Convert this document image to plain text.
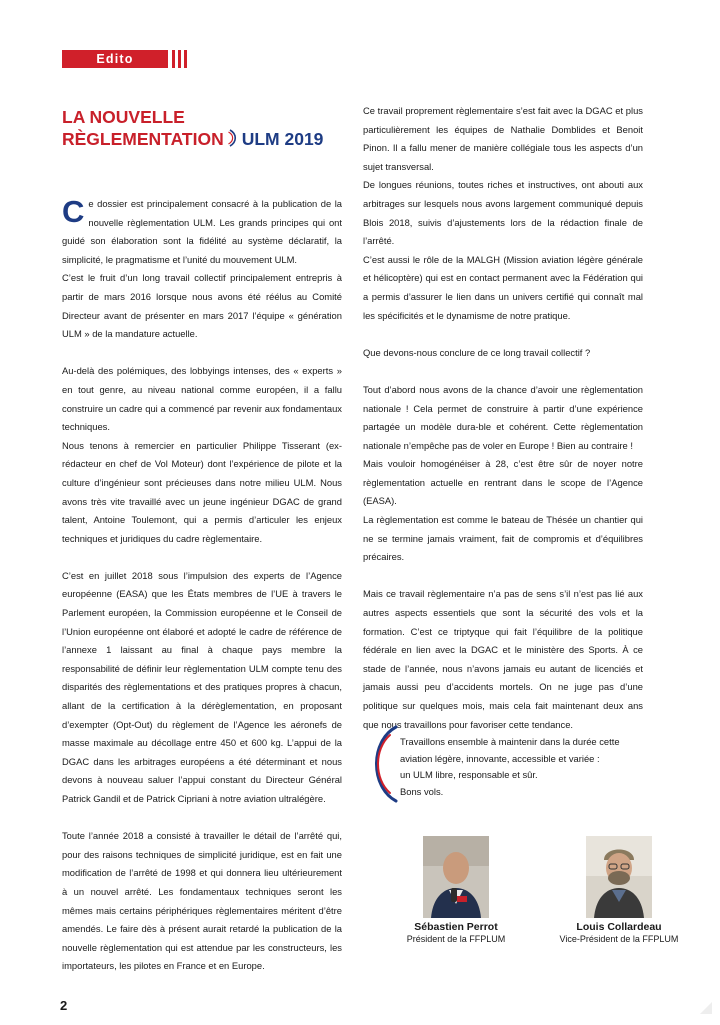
Edito
LA NOUVELLE
RÈGLEMENTATION ULM 2019

Ce dossier est principalement consacré à la publication de la nouvelle règlementation ULM. Les grands principes qui ont guidé son élaboration sont la fidélité au système déclaratif, la simplicité, le pragmatisme et l’unité du mouvement ULM.

C’est le fruit d’un long travail collectif principalement entrepris à partir de mars 2016 lorsque nous avons été réélus au Comité Directeur avant de présenter en mars 2017 l’équipe « génération ULM » de la mandature actuelle.

Au-delà des polémiques, des lobbyings intenses, des « experts » en tout genre, au niveau national comme européen, il a fallu construire un cadre qui a commencé par revenir aux fondamentaux techniques.

Nous tenons à remercier en particulier Philippe Tisserant (ex-rédacteur en chef de Vol Moteur) dont l’expérience de pilote et la culture d’ingénieur sont précieuses dans notre milieu ULM. Nous avons très vite travaillé avec un jeune ingénieur DGAC de grand talent, Antoine Toulemont, qui a permis d’articuler les enjeux techniques et juridiques du cadre règlementaire.

C’est en juillet 2018 sous l’impulsion des experts de l’Agence européenne (EASA) que les États membres de l’UE à travers le Parlement européen, la Commission européenne et le Conseil de l’Union européenne ont élaboré et adopté le cadre de référence de l’annexe 1 laissant au final à chaque pays membre la responsabilité de définir leur règlementation ULM compte tenu des disparités des règlementations et des pratiques propres à chacun, allant de la certification à la dérèglementation, en proposant d’exempter (Opt-Out) du règlement de l’Agence les aéronefs de masse maximale au décollage entre 450 et 600 kg. L’appui de la DGAC dans les arbitrages européens a été déterminant et nous devons à nouveau saluer l’appui constant du Directeur Général Patrick Gandil et de Patrick Cipriani à notre aviation ultralégère.

Toute l’année 2018 a consisté à travailler le détail de l’arrêté qui, pour des raisons techniques de simplicité juridique, est en fait une modification de l’arrêté de 1998 et qui donnera lieu ultérieurement à un nouvel arrêté. Les fondamentaux techniques seront les mêmes mais certains périphériques règlementaires méritent d’être amendés. Le faire dès à présent aurait retardé la publication de la nouvelle règlementation qui est attendue par les constructeurs, les importateurs, les pilotes en France et en Europe.

Ce travail proprement règlementaire s’est fait avec la DGAC et plus particulièrement les équipes de Nathalie Domblides et Benoit Pinon. Il a fallu mener de manière collégiale tous les aspects d’un sujet transversal.

De longues réunions, toutes riches et instructives, ont abouti aux arbitrages sur lesquels nous avons largement communiqué depuis Blois 2018, suivis d’ajustements lors de la rédaction finale de l’arrêté.

C’est aussi le rôle de la MALGH (Mission aviation légère générale et hélicoptère) qui est en contact permanent avec la Fédération qui a permis d’assurer le lien dans un univers certifié qui connaît mal les spécificités et le dynamisme de notre pratique.

Que devons-nous conclure de ce long travail collectif ?

Tout d’abord nous avons de la chance d’avoir une règlementation nationale ! Cela permet de construire à partir d’une expérience partagée un modèle dura-ble et cohérent. Cette règlementation nationale n’empêche pas de voler en Europe ! Bien au contraire !

Mais vouloir homogénéiser à 28, c’est être sûr de noyer notre règlementation actuelle en rentrant dans le scope de l’Agence (EASA).

La règlementation est comme le bateau de Thésée un chantier qui ne se termine jamais vraiment, fait de compromis et d’équilibres précaires.

Mais ce travail règlementaire n’a pas de sens s’il n’est pas lié aux autres aspects essentiels que sont la sécurité des vols et la formation. C’est ce triptyque qui fait l’équilibre de la politique fédérale en lien avec la DGAC et le ministère des Sports. À ce stade de l’année, nous n’avons jamais eu autant de licenciés et jamais aussi peu d’accidents mortels. On ne juge pas d’une politique sur quelques mois, mais cela fait maintenant deux ans que nous travaillons pour favoriser cette tendance.

Travaillons ensemble à maintenir dans la durée cette
aviation légère, innovante, accessible et variée :
un ULM libre, responsable et sûr.
Bons vols.
Sébastien Perrot
Président de la FFPLUM
Louis Collardeau
Vice-Président de la FFPLUM
2
